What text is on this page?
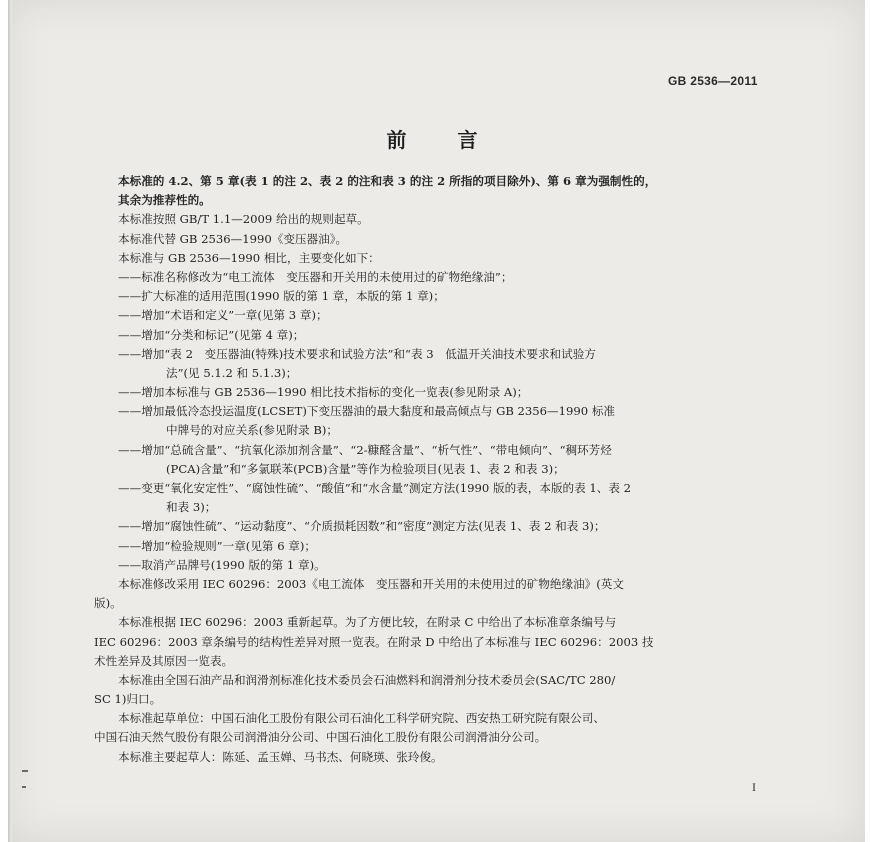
GB 2536—2011
前 言
本标准的 4.2、第 5 章(表 1 的注 2、表 2 的注和表 3 的注 2 所指的项目除外)、第 6 章为强制性的，
其余为推荐性的。
本标准按照 GB/T 1.1—2009 给出的规则起草。
本标准代替 GB 2536—1990《变压器油》。
本标准与 GB 2536—1990 相比，主要变化如下：
——标准名称修改为“电工流体　变压器和开关用的未使用过的矿物绝缘油”；
——扩大标准的适用范围(1990 版的第 1 章，本版的第 1 章)；
——增加“术语和定义”一章(见第 3 章)；
——增加“分类和标记”(见第 4 章)；
——增加“表 2　变压器油(特殊)技术要求和试验方法”和“表 3　低温开关油技术要求和试验方
法”(见 5.1.2 和 5.1.3)；
——增加本标准与 GB 2536—1990 相比技术指标的变化一览表(参见附录 A)；
——增加最低冷态投运温度(LCSET)下变压器油的最大黏度和最高倾点与 GB 2356—1990 标准
中牌号的对应关系(参见附录 B)；
——增加“总硫含量”、“抗氧化添加剂含量”、“2-糠醛含量”、“析气性”、“带电倾向”、“稠环芳烃
(PCA)含量”和“多氯联苯(PCB)含量”等作为检验项目(见表 1、表 2 和表 3)；
——变更“氧化安定性”、“腐蚀性硫”、“酸值”和“水含量”测定方法(1990 版的表，本版的表 1、表 2
和表 3)；
——增加“腐蚀性硫”、“运动黏度”、“介质损耗因数”和“密度”测定方法(见表 1、表 2 和表 3)；
——增加“检验规则”一章(见第 6 章)；
——取消产品牌号(1990 版的第 1 章)。
本标准修改采用 IEC 60296：2003《电工流体　变压器和开关用的未使用过的矿物绝缘油》(英文
版)。
本标准根据 IEC 60296：2003 重新起草。为了方便比较，在附录 C 中给出了本标准章条编号与
IEC 60296：2003 章条编号的结构性差异对照一览表。在附录 D 中给出了本标准与 IEC 60296：2003 技
术性差异及其原因一览表。
本标准由全国石油产品和润滑剂标准化技术委员会石油燃料和润滑剂分技术委员会(SAC/TC 280/
SC 1)归口。
本标准起草单位：中国石油化工股份有限公司石油化工科学研究院、西安热工研究院有限公司、
中国石油天然气股份有限公司润滑油分公司、中国石油化工股份有限公司润滑油分公司。
本标准主要起草人：陈延、孟玉婵、马书杰、何晓瑛、张玲俊。
I
